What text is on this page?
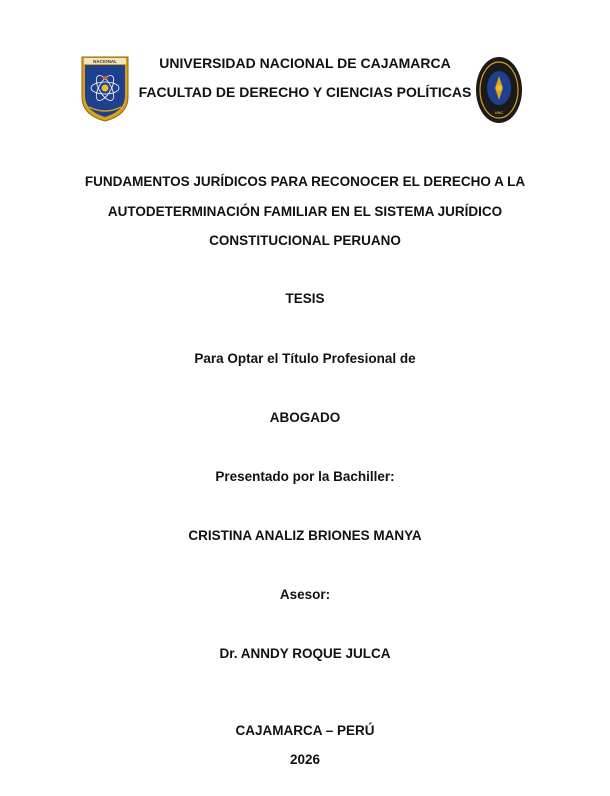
NACIONAL
UNC
UNIVERSIDAD NACIONAL DE CAJAMARCA
FACULTAD DE DERECHO Y CIENCIAS POLÍTICAS
FUNDAMENTOS JURÍDICOS PARA RECONOCER EL DERECHO A LA
AUTODETERMINACIÓN FAMILIAR EN EL SISTEMA JURÍDICO
CONSTITUCIONAL PERUANO
TESIS
Para Optar el Título Profesional de
ABOGADO
Presentado por la Bachiller:
CRISTINA ANALIZ BRIONES MANYA
Asesor:
Dr. ANNDY ROQUE JULCA
CAJAMARCA – PERÚ
2026
